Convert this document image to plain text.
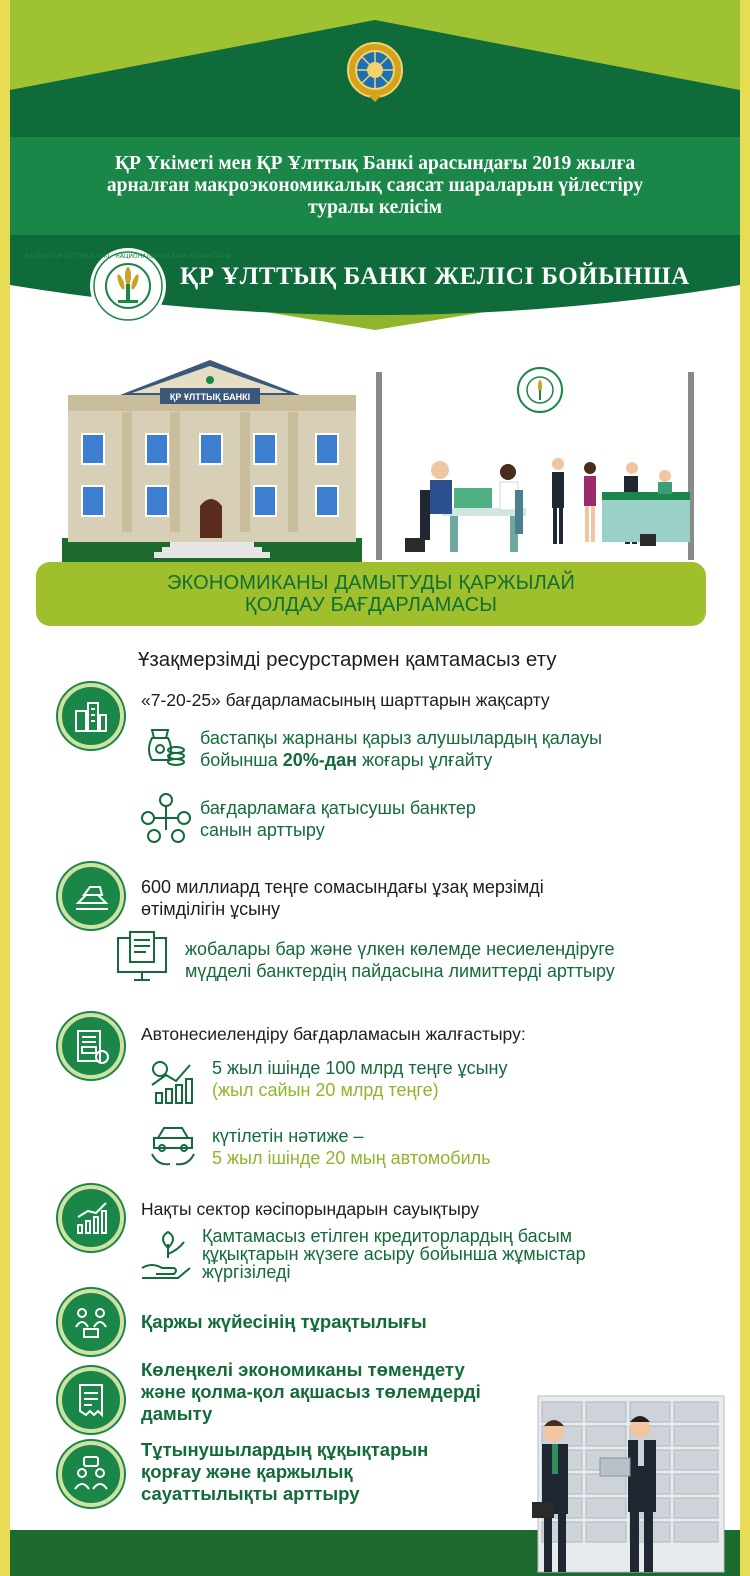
ҚР Үкіметі мен ҚР Ұлттық Банкі арасындағы 2019 жылға
арналған макроэкономикалық саясат шараларын үйлестіру
туралы келісім
ҚАЗАҚСТАН ҰЛТТЫҚ БАНКІ · НАЦИОНАЛЬНЫЙ БАНК КАЗАХСТАНА
ҚР ҰЛТТЫҚ БАНКІ ЖЕЛІСІ БОЙЫНША
ҚР ҰЛТТЫҚ БАНКІ
ЭКОНОМИКАНЫ ДАМЫТУДЫ ҚАРЖЫЛАЙ
ҚОЛДАУ БАҒДАРЛАМАСЫ
Ұзақмерзімді ресурстармен қамтамасыз ету
«7-20-25» бағдарламасының шарттарын жақсарту
бастапқы жарнаны қарыз алушылардың қалауы
бойынша 20%-дан жоғары ұлғайту
бағдарламаға қатысушы банктер
санын арттыру
600 миллиард теңге сомасындағы ұзақ мерзімді
өтімділігін ұсыну
жобалары бар және үлкен көлемде несиелендіруге
мүдделі банктердің пайдасына лимиттерді арттыру
Автонесиелендіру бағдарламасын жалғастыру:
5 жыл ішінде 100 млрд теңге ұсыну
(жыл сайын 20 млрд теңге)
күтілетін нәтиже –
5 жыл ішінде 20 мың автомобиль
Нақты сектор кәсіпорындарын сауықтыру
Қамтамасыз етілген кредиторлардың басым
құқықтарын жүзеге асыру бойынша жұмыстар
жүргізіледі
Қаржы жүйесінің тұрақтылығы
Көлеңкелі экономиканы төмендету
және қолма-қол ақшасыз төлемдерді
дамыту
Тұтынушылардың құқықтарын
қорғау және қаржылық
сауаттылықты арттыру
